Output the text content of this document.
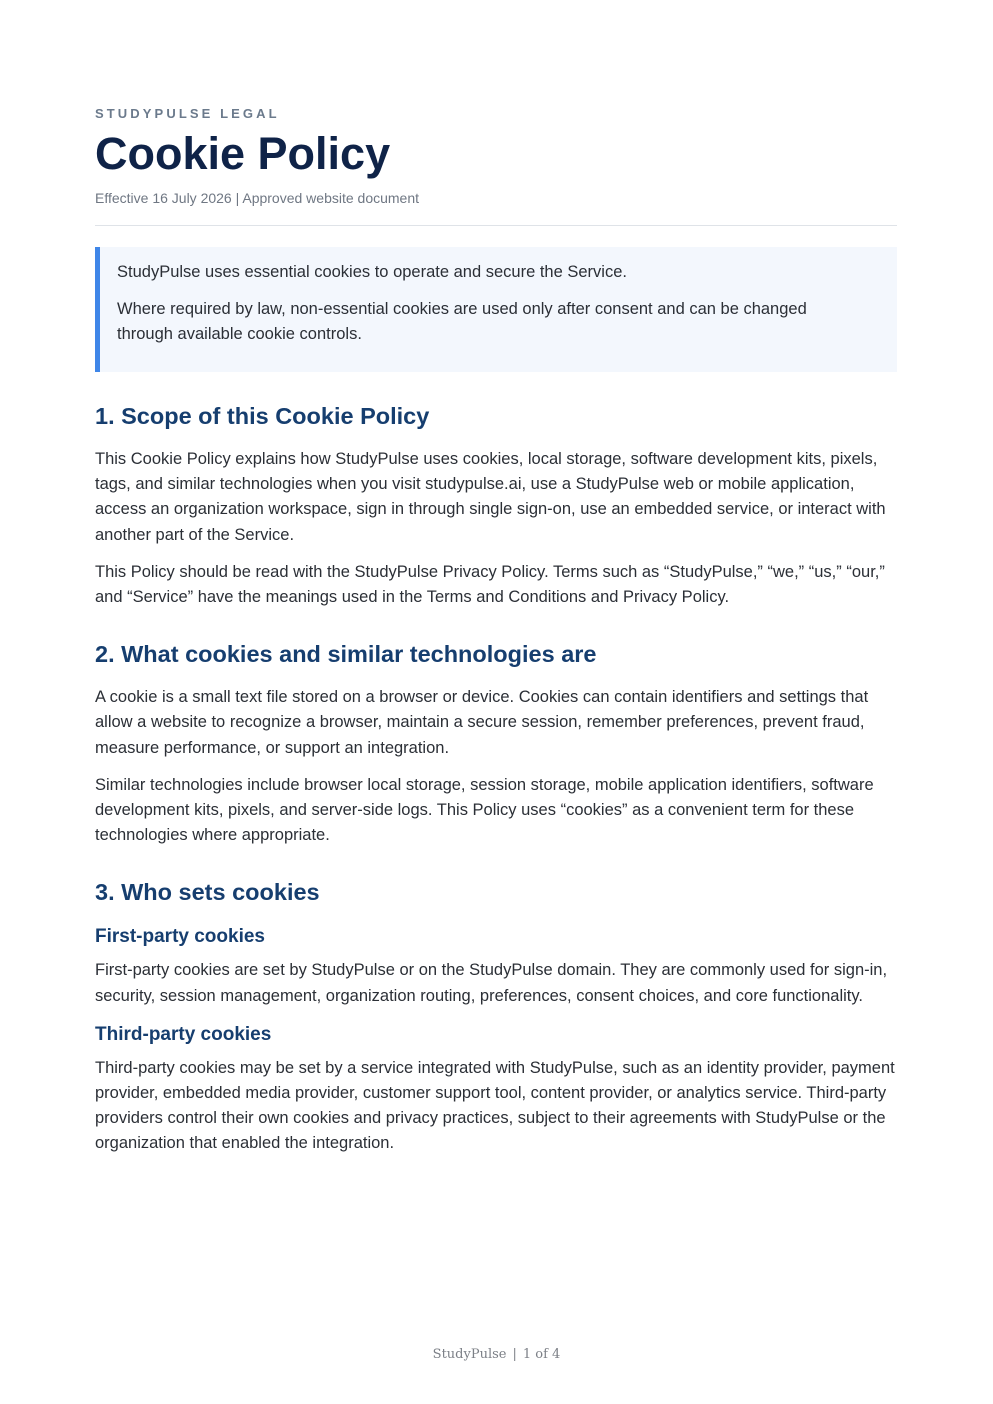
STUDYPULSE LEGAL
Cookie Policy
Effective 16 July 2026 | Approved website document

StudyPulse uses essential cookies to operate and secure the Service.

Where required by law, non-essential cookies are used only after consent and can be changed through available cookie controls.

1. Scope of this Cookie Policy

This Cookie Policy explains how StudyPulse uses cookies, local storage, software development kits, pixels, tags, and similar technologies when you visit studypulse.ai, use a StudyPulse web or mobile application, access an organization workspace, sign in through single sign-on, use an embedded service, or interact with another part of the Service.

This Policy should be read with the StudyPulse Privacy Policy. Terms such as “StudyPulse,” “we,” “us,” “our,” and “Service” have the meanings used in the Terms and Conditions and Privacy Policy.

2. What cookies and similar technologies are

A cookie is a small text file stored on a browser or device. Cookies can contain identifiers and settings that allow a website to recognize a browser, maintain a secure session, remember preferences, prevent fraud, measure performance, or support an integration.

Similar technologies include browser local storage, session storage, mobile application identifiers, software development kits, pixels, and server-side logs. This Policy uses “cookies” as a convenient term for these technologies where appropriate.

3. Who sets cookies
First-party cookies

First-party cookies are set by StudyPulse or on the StudyPulse domain. They are commonly used for sign-in, security, session management, organization routing, preferences, consent choices, and core functionality.

Third-party cookies

Third-party cookies may be set by a service integrated with StudyPulse, such as an identity provider, payment provider, embedded media provider, customer support tool, content provider, or analytics service. Third-party providers control their own cookies and privacy practices, subject to their agreements with StudyPulse or the organization that enabled the integration.

StudyPulse | 1 of 4
